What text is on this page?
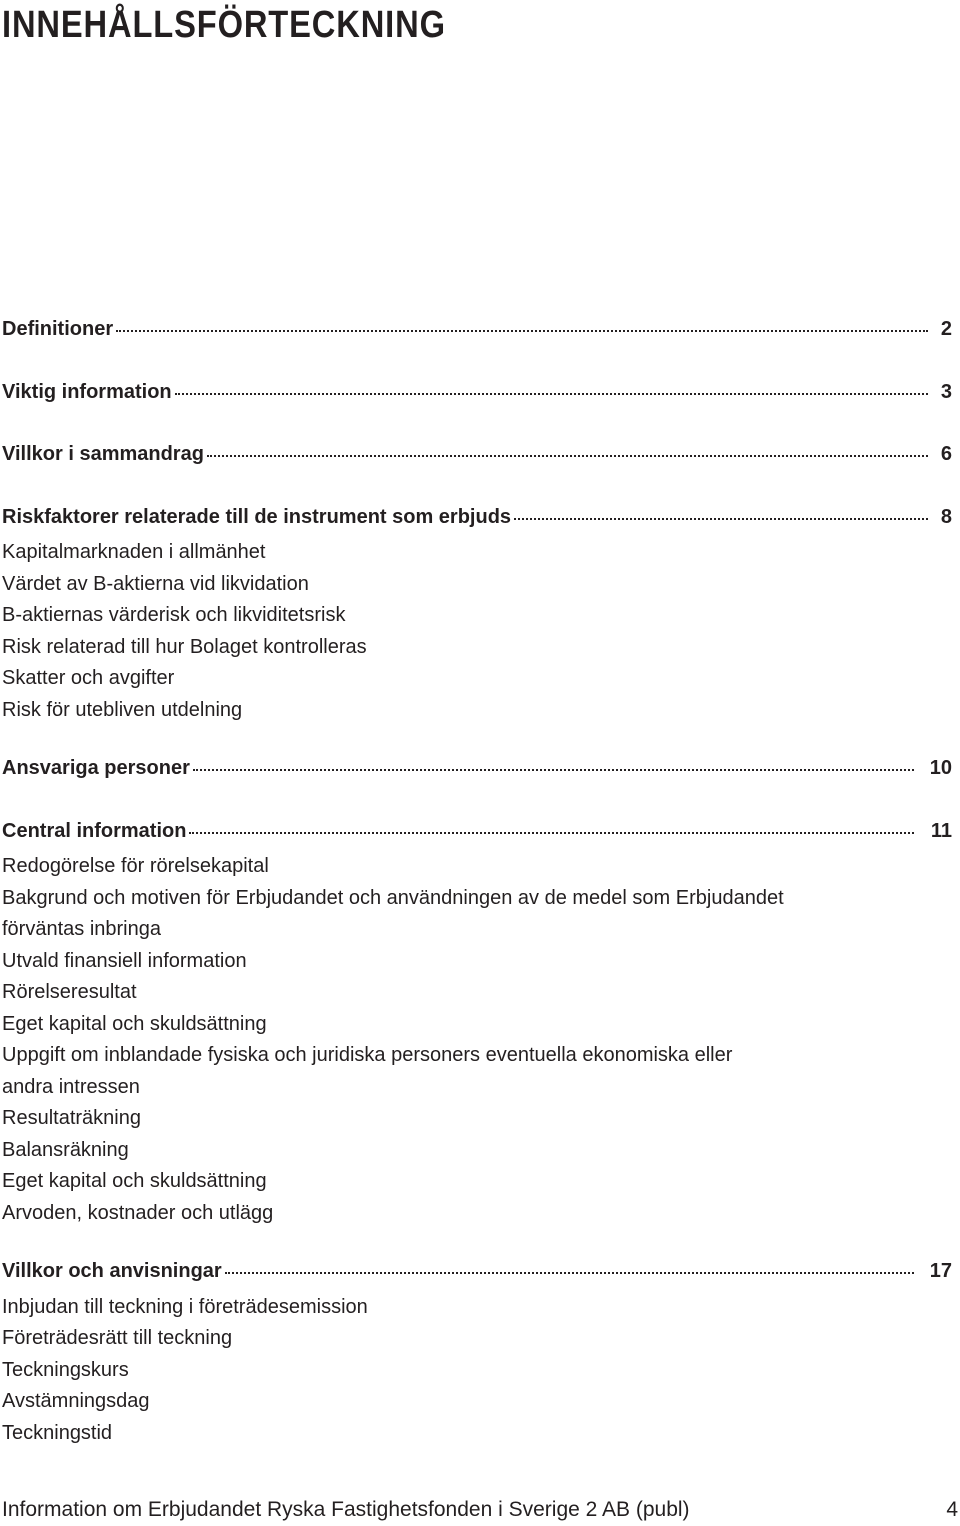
INNEHÅLLSFÖRTECKNING
Definitioner	2
Viktig information	3
Villkor i sammandrag	6
Riskfaktorer relaterade till de instrument som erbjuds	8
Kapitalmarknaden i allmänhet
Värdet av B-aktierna vid likvidation
B-aktiernas värderisk och likviditetsrisk
Risk relaterad till hur Bolaget kontrolleras
Skatter och avgifter
Risk för utebliven utdelning
Ansvariga personer	10
Central information	11
Redogörelse för rörelsekapital
Bakgrund och motiven för Erbjudandet och användningen av de medel som Erbjudandet
förväntas inbringa
Utvald finansiell information
Rörelseresultat
Eget kapital och skuldsättning
Uppgift om inblandade fysiska och juridiska personers eventuella ekonomiska eller
andra intressen
Resultaträkning
Balansräkning
Eget kapital och skuldsättning
Arvoden, kostnader och utlägg
Villkor och anvisningar	17
Inbjudan till teckning i företrädesemission
Företrädesrätt till teckning
Teckningskurs
Avstämningsdag
Teckningstid
Information om Erbjudandet Ryska Fastighetsfonden i Sverige 2 AB (publ)	4
